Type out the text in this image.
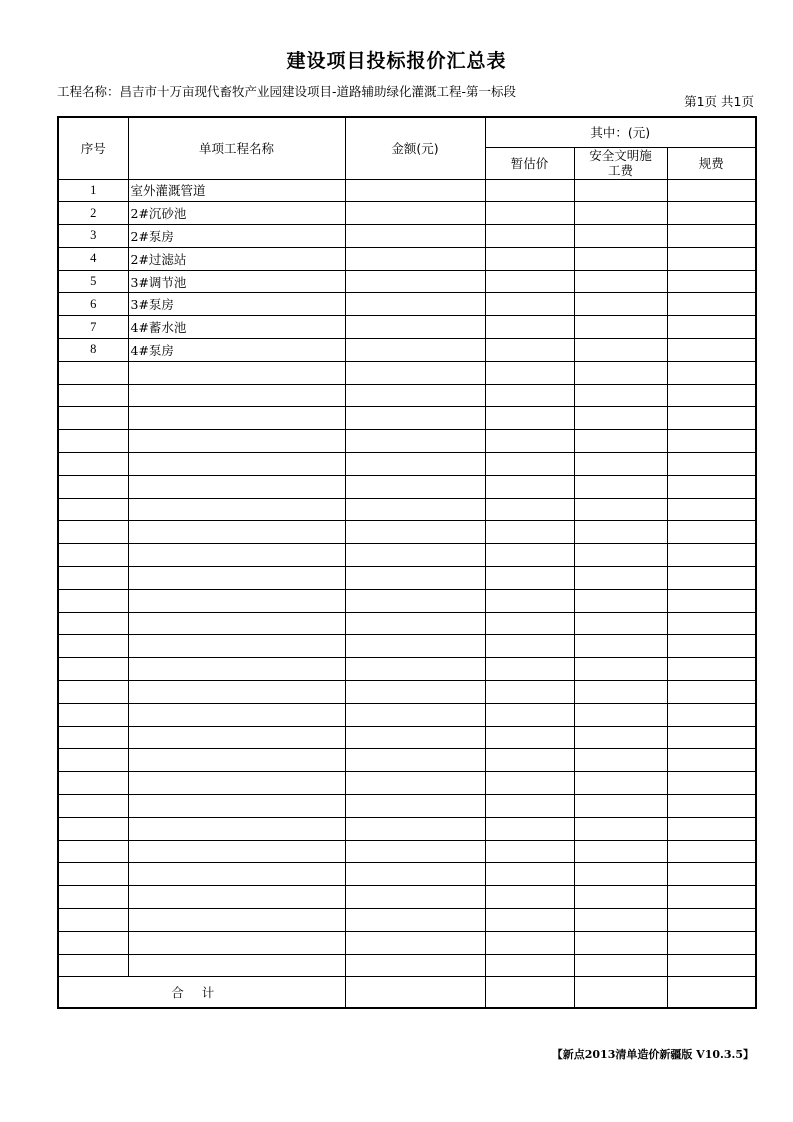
建设项目投标报价汇总表
工程名称：昌吉市十万亩现代畜牧产业园建设项目-道路辅助绿化灌溉工程-第一标段
第1页 共1页
序号	单项工程名称	金额(元)	其中：(元)		
			暂估价	安全文明施工费	规费
1	室外灌溉管道				
2	2#沉砂池				
3	2#泵房				
4	2#过滤站				
5	3#调节池				
6	3#泵房				
7	4#蓄水池				
8	4#泵房				

合计					
【新点2013清单造价新疆版 V10.3.5】
